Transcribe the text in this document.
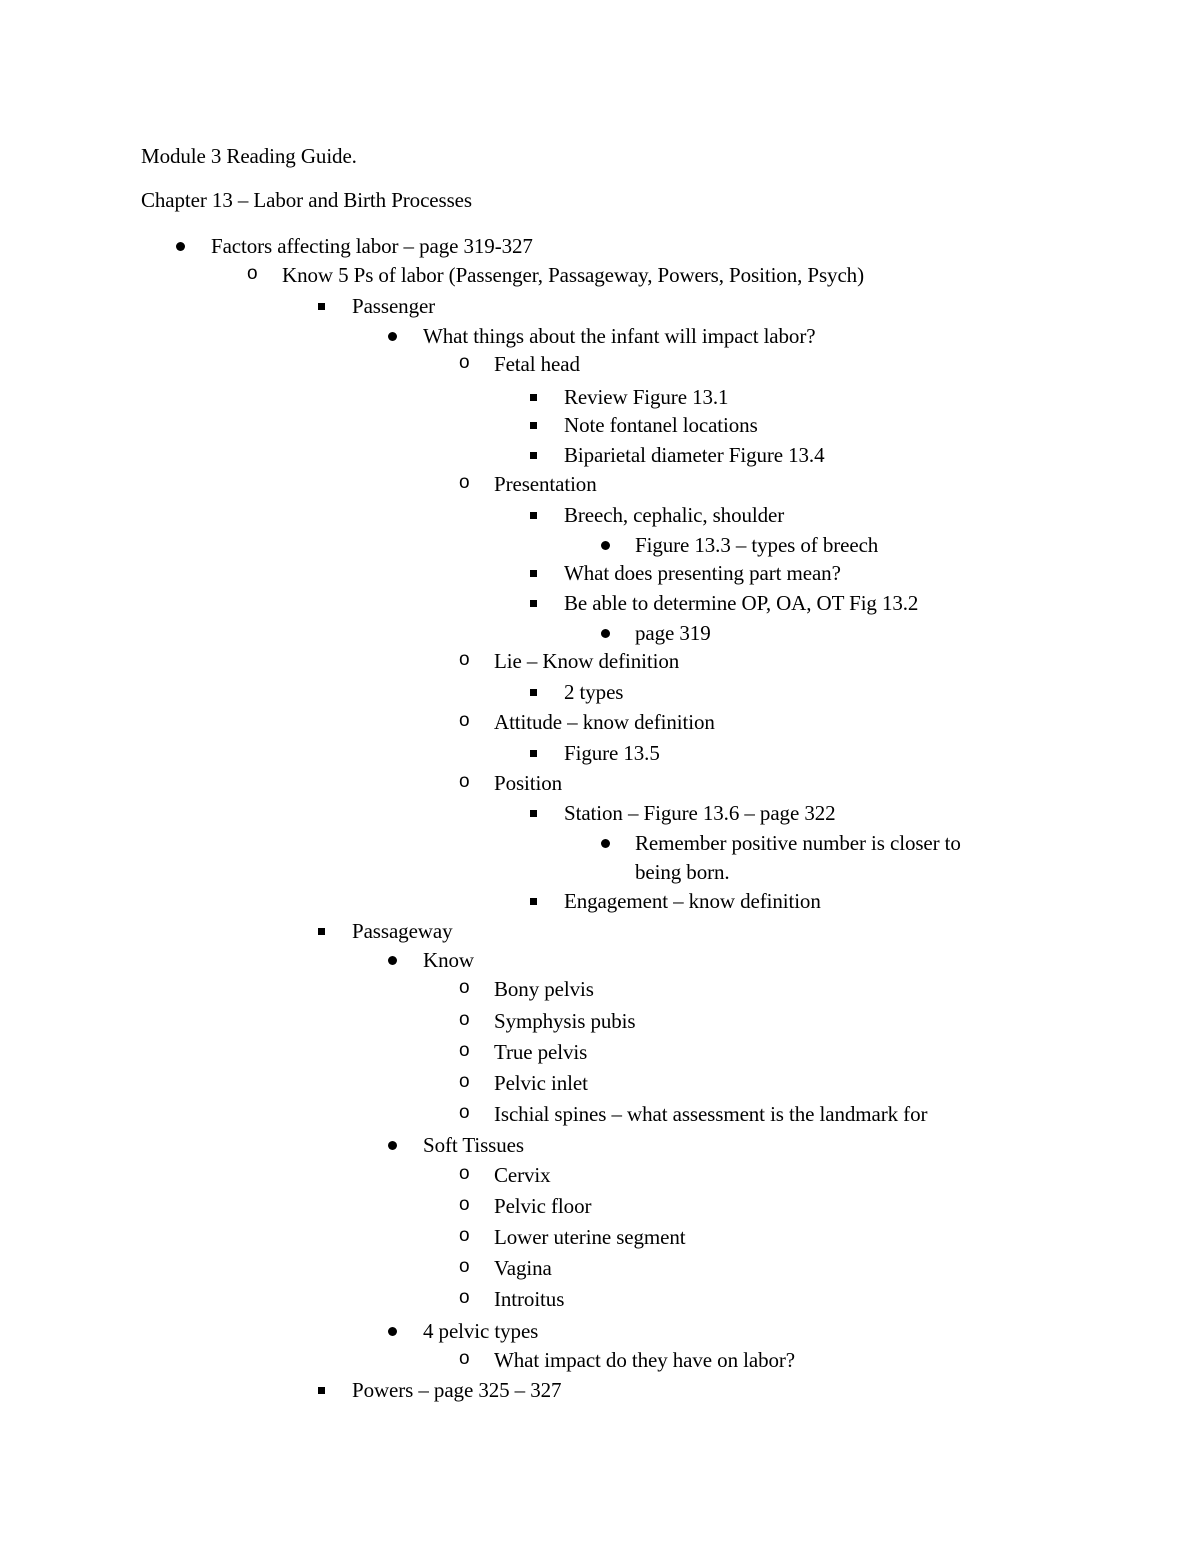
Module 3 Reading Guide.
Chapter 13 – Labor and Birth Processes
Factors affecting labor – page 319-327
o Know 5 Ps of labor (Passenger, Passageway, Powers, Position, Psych)
Passenger
What things about the infant will impact labor?
o Fetal head
Review Figure 13.1
Note fontanel locations
Biparietal diameter Figure 13.4
o Presentation
Breech, cephalic, shoulder
Figure 13.3 – types of breech
What does presenting part mean?
Be able to determine OP, OA, OT Fig 13.2
page 319
o Lie – Know definition
2 types
o Attitude – know definition
Figure 13.5
o Position
Station – Figure 13.6 – page 322
Remember positive number is closer to
being born.
Engagement – know definition
Passageway
Know
o Bony pelvis
o Symphysis pubis
o True pelvis
o Pelvic inlet
o Ischial spines – what assessment is the landmark for
Soft Tissues
o Cervix
o Pelvic floor
o Lower uterine segment
o Vagina
o Introitus
4 pelvic types
o What impact do they have on labor?
Powers – page 325 – 327
